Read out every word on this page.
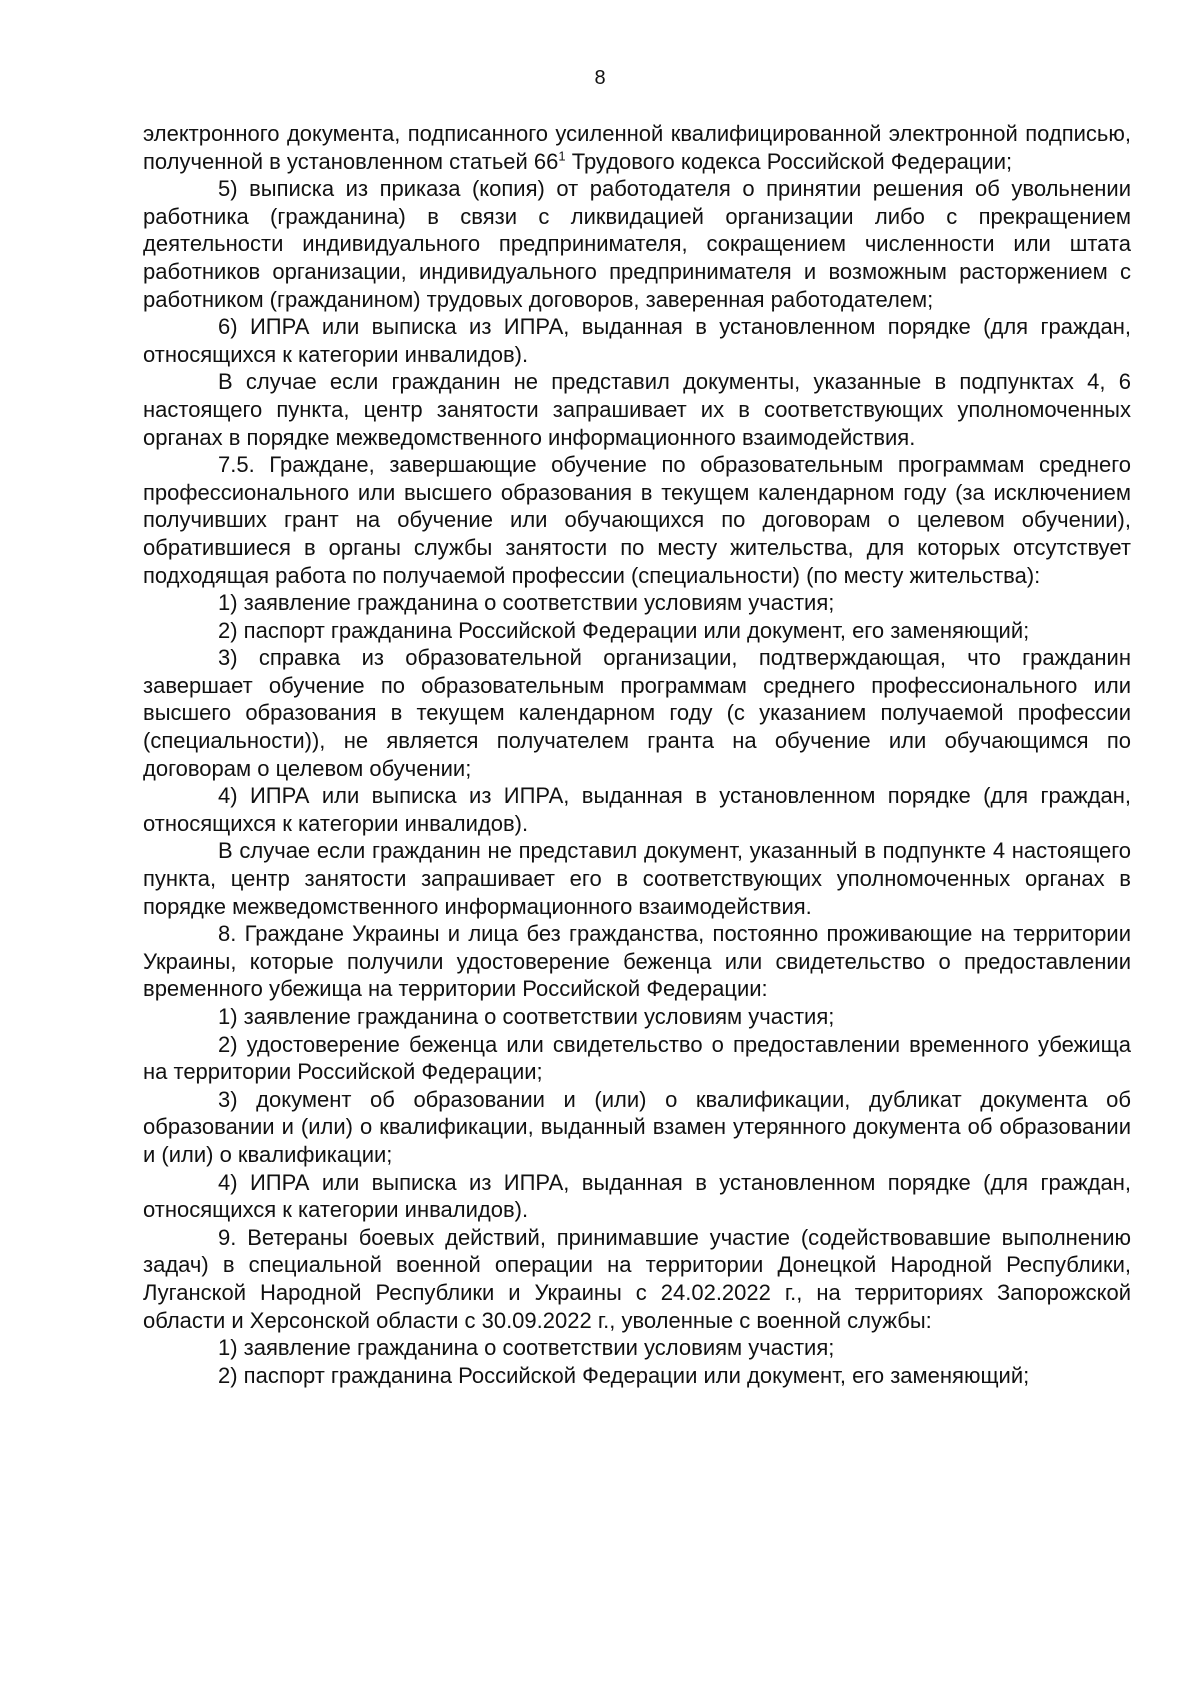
8

электронного документа, подписанного усиленной квалифицированной электронной подписью, полученной в установленном статьей $66^1$ Трудового кодекса Российской Федерации;

5) выписка из приказа (копия) от работодателя о принятии решения об увольнении работника (гражданина) в связи с ликвидацией организации либо с прекращением деятельности индивидуального предпринимателя, сокращением численности или штата работников организации, индивидуального предпринимателя и возможным расторжением с работником (гражданином) трудовых договоров, заверенная работодателем;

6) ИПРА или выписка из ИПРА, выданная в установленном порядке (для граждан, относящихся к категории инвалидов).

В случае если гражданин не представил документы, указанные в подпунктах 4, 6 настоящего пункта, центр занятости запрашивает их в соответствующих уполномоченных органах в порядке межведомственного информационного взаимодействия.

7.5. Граждане, завершающие обучение по образовательным программам среднего профессионального или высшего образования в текущем календарном году (за исключением получивших грант на обучение или обучающихся по договорам о целевом обучении), обратившиеся в органы службы занятости по месту жительства, для которых отсутствует подходящая работа по получаемой профессии (специальности) (по месту жительства):

1) заявление гражданина о соответствии условиям участия;

2) паспорт гражданина Российской Федерации или документ, его заменяющий;

3) справка из образовательной организации, подтверждающая, что гражданин завершает обучение по образовательным программам среднего профессионального или высшего образования в текущем календарном году (с указанием получаемой профессии (специальности)), не является получателем гранта на обучение или обучающимся по договорам о целевом обучении;

4) ИПРА или выписка из ИПРА, выданная в установленном порядке (для граждан, относящихся к категории инвалидов).

В случае если гражданин не представил документ, указанный в подпункте 4 настоящего пункта, центр занятости запрашивает его в соответствующих уполномоченных органах в порядке межведомственного информационного взаимодействия.

8. Граждане Украины и лица без гражданства, постоянно проживающие на территории Украины, которые получили удостоверение беженца или свидетельство о предоставлении временного убежища на территории Российской Федерации:

1) заявление гражданина о соответствии условиям участия;

2) удостоверение беженца или свидетельство о предоставлении временного убежища на территории Российской Федерации;

3) документ об образовании и (или) о квалификации, дубликат документа об образовании и (или) о квалификации, выданный взамен утерянного документа об образовании и (или) о квалификации;

4) ИПРА или выписка из ИПРА, выданная в установленном порядке (для граждан, относящихся к категории инвалидов).

9. Ветераны боевых действий, принимавшие участие (содействовавшие выполнению задач) в специальной военной операции на территории Донецкой Народной Республики, Луганской Народной Республики и Украины с 24.02.2022 г., на территориях Запорожской области и Херсонской области с 30.09.2022 г., уволенные с военной службы:

1) заявление гражданина о соответствии условиям участия;

2) паспорт гражданина Российской Федерации или документ, его заменяющий;
